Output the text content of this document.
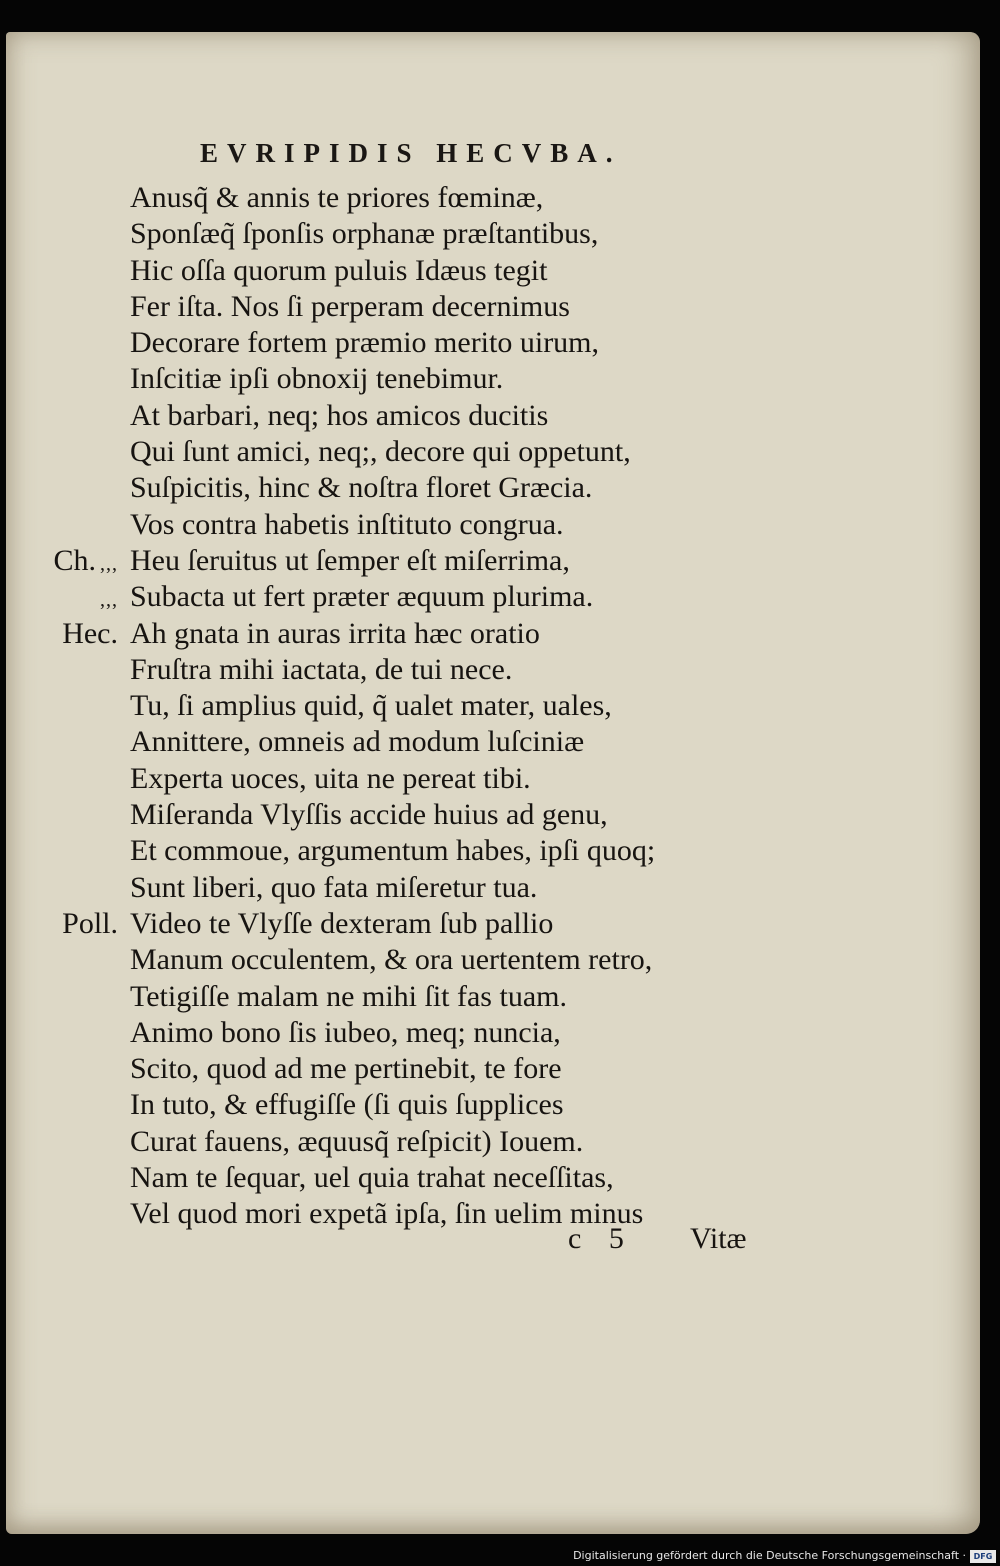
EVRIPIDIS HECVBA.
Anusq̃ & annis te priores fœminæ,
Sponſæq̃ ſponſis orphanæ præſtantibus,
Hic oſſa quorum puluis Idæus tegit
Fer iſta. Nos ſi perperam decernimus
Decorare fortem præmio merito uirum,
Inſcitiæ ipſi obnoxij tenebimur.
At barbari, neq; hos amicos ducitis
Qui ſunt amici, neq;, decore qui oppetunt,
Suſpicitis, hinc & noſtra floret Græcia.
Vos contra habetis inſtituto congrua.
Ch. ,,, Heu ſeruitus ut ſemper eſt miſerrima,
,,, Subacta ut fert præter æquum plurima.
Hec. Ah gnata in auras irrita hæc oratio
Fruſtra mihi iactata, de tui nece.
Tu, ſi amplius quid, q̃ ualet mater, uales,
Annittere, omneis ad modum luſciniæ
Experta uoces, uita ne pereat tibi.
Miſeranda Vlyſſis accide huius ad genu,
Et commoue, argumentum habes, ipſi quoq;
Sunt liberi, quo fata miſeretur tua.
Poll. Video te Vlyſſe dexteram ſub pallio
Manum occulentem, & ora uertentem retro,
Tetigiſſe malam ne mihi ſit fas tuam.
Animo bono ſis iubeo, meq; nuncia,
Scito, quod ad me pertinebit, te fore
In tuto, & effugiſſe (ſi quis ſupplices
Curat fauens, æquusq̃ reſpicit) Iouem.
Nam te ſequar, uel quia trahat neceſſitas,
Vel quod mori expetã ipſa, ſin uelim minus
c 5 Vitæ
Digitalisierung gefördert durch die Deutsche Forschungsgemeinschaft · DFG
